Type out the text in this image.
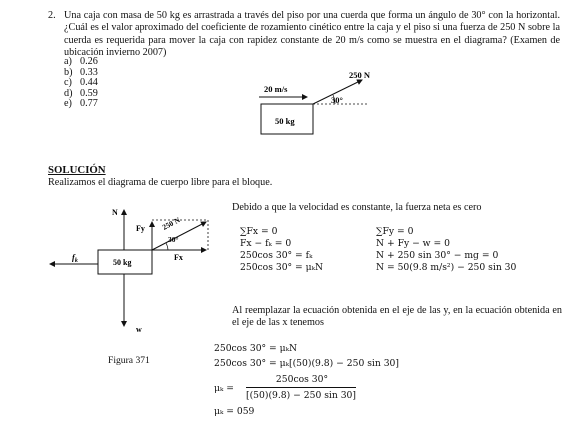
2. Una caja con masa de 50 kg es arrastrada a través del piso por una cuerda que forma un ángulo de 30° con la horizontal. ¿Cuál es el valor aproximado del coeficiente de rozamiento cinético entre la caja y el piso si una fuerza de 250 N sobre la cuerda es requerida para mover la caja con rapidez constante de 20 m/s como se muestra en el diagrama? (Examen de ubicación invierno 2007)
a) 0.26
b) 0.33
c) 0.44
d) 0.59
e) 0.77
50 kg
20 m/s
250 N
30°
SOLUCIÓN
Realizamos el diagrama de cuerpo libre para el bloque.
N
w
50 kg
$f_k$
Fy 250 N
30°
Fx
Debido a que la velocidad es constante, la fuerza neta es cero
∑Fx = 0
Fx − fₖ = 0
250cos 30° = fₖ
250cos 30° = μₖN
∑Fy = 0
N + Fy − w = 0
N + 250 sin 30° − mg = 0
N = 50(9.8 m/s²) − 250 sin 30
Al reemplazar la ecuación obtenida en el eje de las y, en la ecuación obtenida en el eje de las x tenemos
Figura 371
250cos 30° = μₖN
250cos 30° = μₖ[(50)(9.8) − 250 sin 30]
μₖ =
250cos 30°
[(50)(9.8) − 250 sin 30]
μₖ = 059
